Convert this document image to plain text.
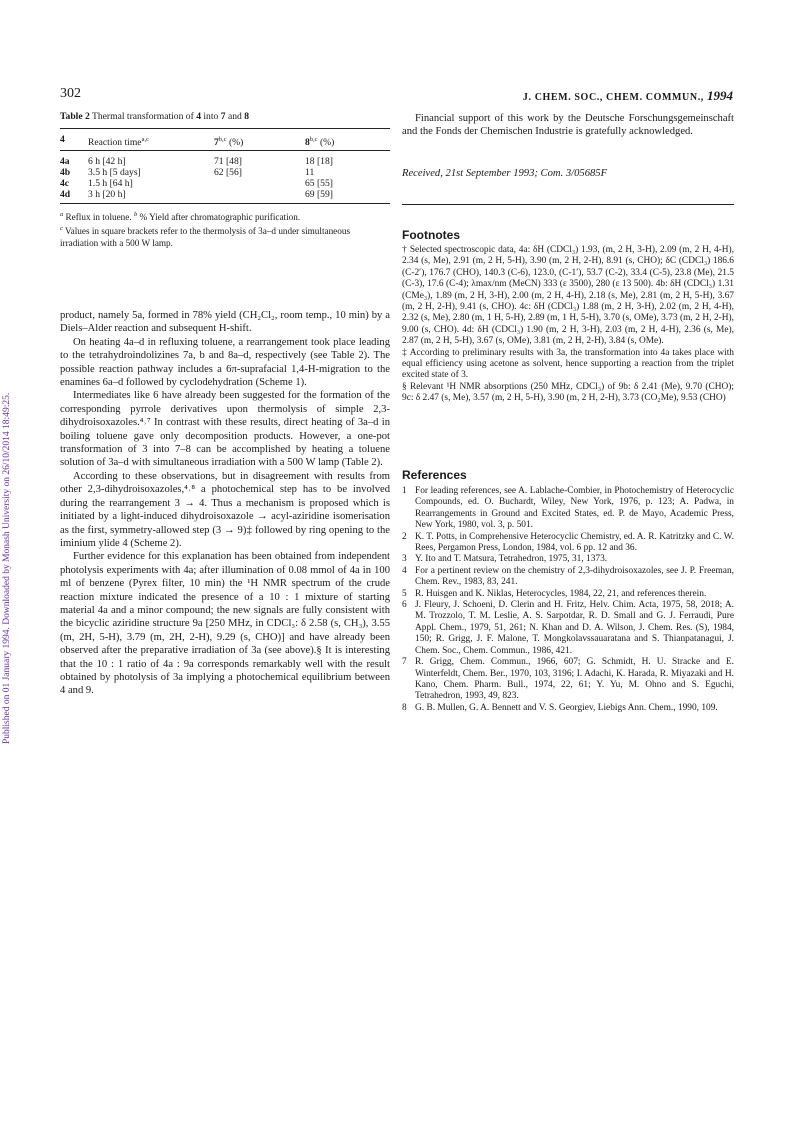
Published on 01 January 1994. Downloaded by Monash University on 26/10/2014 18:49:25.
302	J. CHEM. SOC., CHEM. COMMUN., 1994
Table 2 Thermal transformation of 4 into 7 and 8
4	Reaction time$^{a,c}$	7$^{b,c}$ (%)	8$^{b,c}$ (%)
4a	6 h [42 h]	71 [48]	18 [18]
4b	3.5 h [5 days]	62 [56]	11
4c	1.5 h [64 h]		65 [55]
4d	3 h [20 h]		69 [59]
$^a$ Reflux in toluene. $^b$ % Yield after chromatographic purification.
$^c$ Values in square brackets refer to the thermolysis of 3a–d under simultaneous irradiation with a 500 W lamp.

product, namely 5a, formed in 78% yield (CH₂Cl₂, room temp., 10 min) by a Diels–Alder reaction and subsequent H-shift.

On heating 4a–d in refluxing toluene, a rearrangement took place leading to the tetrahydroindolizines 7a, b and 8a–d, respectively (see Table 2). The possible reaction pathway includes a 6π-suprafacial 1,4-H-migration to the enamines 6a–d followed by cyclodehydration (Scheme 1).

Intermediates like 6 have already been suggested for the formation of the corresponding pyrrole derivatives upon thermolysis of simple 2,3-dihydroisoxazoles.⁴˒⁷ In contrast with these results, direct heating of 3a–d in boiling toluene gave only decomposition products. However, a one-pot transformation of 3 into 7–8 can be accomplished by heating a toluene solution of 3a–d with simultaneous irradiation with a 500 W lamp (Table 2).

According to these observations, but in disagreement with results from other 2,3-dihydroisoxazoles,⁴˒⁸ a photochemical step has to be involved during the rearrangement 3 → 4. Thus a mechanism is proposed which is initiated by a light-induced dihydroisoxazole → acyl-aziridine isomerisation as the first, symmetry-allowed step (3 → 9)‡ followed by ring opening to the iminium ylide 4 (Scheme 2).

Further evidence for this explanation has been obtained from independent photolysis experiments with 4a; after illumination of 0.08 mmol of 4a in 100 ml of benzene (Pyrex filter, 10 min) the ¹H NMR spectrum of the crude reaction mixture indicated the presence of a 10 : 1 mixture of starting material 4a and a minor compound; the new signals are fully consistent with the bicyclic aziridine structure 9a [250 MHz, in CDCl₃: δ 2.58 (s, CH₃), 3.55 (m, 2H, 5-H), 3.79 (m, 2H, 2-H), 9.29 (s, CHO)] and have already been observed after the preparative irradiation of 3a (see above).§ It is interesting that the 10 : 1 ratio of 4a : 9a corresponds remarkably well with the result obtained by photolysis of 3a implying a photochemical equilibrium between 4 and 9.

Financial support of this work by the Deutsche Forschungsgemeinschaft and the Fonds der Chemischen Industrie is gratefully acknowledged.

Received, 21st September 1993; Com. 3/05685F
Footnotes

† Selected spectroscopic data, 4a: δH (CDCl₃) 1.93, (m, 2 H, 3-H), 2.09 (m, 2 H, 4-H), 2.34 (s, Me), 2.91 (m, 2 H, 5-H), 3.90 (m, 2 H, 2-H), 8.91 (s, CHO); δC (CDCl₃) 186.6 (C-2′), 176.7 (CHO), 140.3 (C-6), 123.0, (C-1′), 53.7 (C-2), 33.4 (C-5), 23.8 (Me), 21.5 (C-3), 17.6 (C-4); λmax/nm (MeCN) 333 (ε 3500), 280 (ε 13 500). 4b: δH (CDCl₃) 1.31 (CMe₃), 1.89 (m, 2 H, 3-H), 2.00 (m, 2 H, 4-H), 2.18 (s, Me), 2.81 (m, 2 H, 5-H), 3.67 (m, 2 H, 2-H), 9.41 (s, CHO). 4c: δH (CDCl₃) 1.88 (m, 2 H, 3-H), 2.02 (m, 2 H, 4-H), 2.32 (s, Me), 2.80 (m, 1 H, 5-H), 2.89 (m, 1 H, 5-H), 3.70 (s, OMe), 3.73 (m, 2 H, 2-H), 9.00 (s, CHO). 4d: δH (CDCl₃) 1.90 (m, 2 H, 3-H), 2.03 (m, 2 H, 4-H), 2.36 (s, Me), 2.87 (m, 2 H, 5-H), 3.67 (s, OMe), 3.81 (m, 2 H, 2-H), 3.84 (s, OMe).

‡ According to preliminary results with 3a, the transformation into 4a takes place with equal efficiency using acetone as solvent, hence supporting a reaction from the triplet excited state of 3.

§ Relevant ¹H NMR absorptions (250 MHz, CDCl₃) of 9b: δ 2.41 (Me), 9.70 (CHO); 9c: δ 2.47 (s, Me), 3.57 (m, 2 H, 5-H), 3.90 (m, 2 H, 2-H), 3.73 (CO₂Me), 9.53 (CHO)

References
1 For leading references, see A. Lablache-Combier, in Photochemistry of Heterocyclic Compounds, ed. O. Buchardt, Wiley, New York, 1976, p. 123; A. Padwa, in Rearrangements in Ground and Excited States, ed. P. de Mayo, Academic Press, New York, 1980, vol. 3, p. 501.
2 K. T. Potts, in Comprehensive Heterocyclic Chemistry, ed. A. R. Katritzky and C. W. Rees, Pergamon Press, London, 1984, vol. 6 pp. 12 and 36.
3 Y. Ito and T. Matsura, Tetrahedron, 1975, 31, 1373.
4 For a pertinent review on the chemistry of 2,3-dihydroisoxazoles, see J. P. Freeman, Chem. Rev., 1983, 83, 241.
5 R. Huisgen and K. Niklas, Heterocycles, 1984, 22, 21, and references therein.
6 J. Fleury, J. Schoeni, D. Clerin and H. Fritz, Helv. Chim. Acta, 1975, 58, 2018; A. M. Trozzolo, T. M. Leslie, A. S. Sarpotdar, R. D. Small and G. J. Ferraudi, Pure Appl. Chem., 1979, 51, 261; N. Khan and D. A. Wilson, J. Chem. Res. (S), 1984, 150; R. Grigg, J. F. Malone, T. Mongkolavssauaratana and S. Thianpatanagui, J. Chem. Soc., Chem. Commun., 1986, 421.
7 R. Grigg, Chem. Commun., 1966, 607; G. Schmidt, H. U. Stracke and E. Winterfeldt, Chem. Ber., 1970, 103, 3196; I. Adachi, K. Harada, R. Miyazaki and H. Kano, Chem. Pharm. Bull., 1974, 22, 61; Y. Yu, M. Ohno and S. Eguchi, Tetrahedron, 1993, 49, 823.
8 G. B. Mullen, G. A. Bennett and V. S. Georgiev, Liebigs Ann. Chem., 1990, 109.
